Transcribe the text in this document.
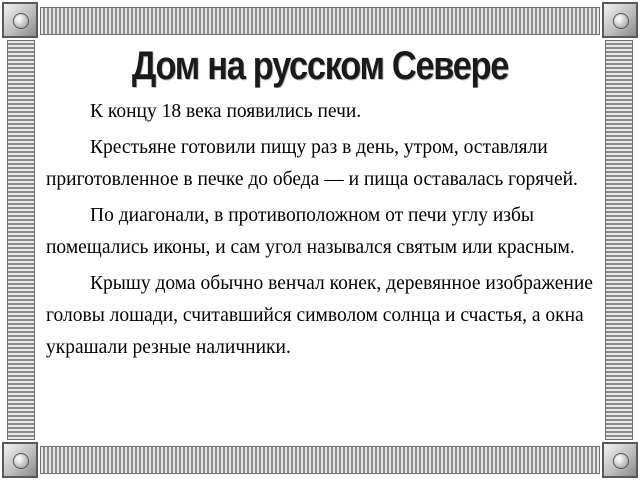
Дом на русском Севере

К концу 18 века появились печи.

Крестьяне готовили пищу раз в день, утром, оставляли приготовленное в печке до обеда — и пища оставалась горячей.

По диагонали, в противоположном от печи углу избы помещались иконы, и сам угол назывался святым или красным.

Крышу дома обычно венчал конек, деревянное изображение головы лошади, считавшийся символом солнца и счастья, а окна украшали резные наличники.
